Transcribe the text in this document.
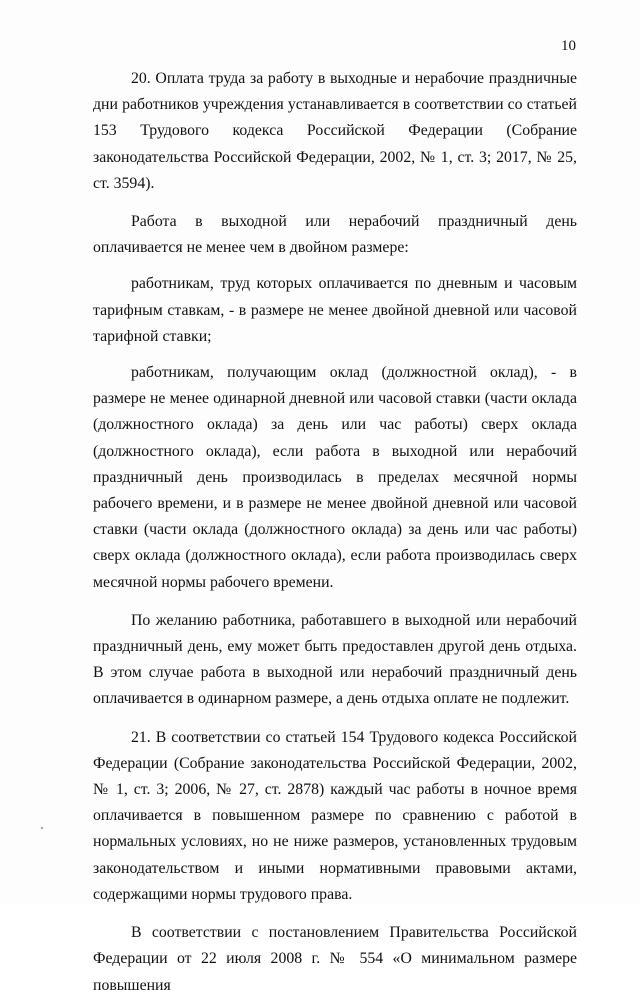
10

20. Оплата труда за работу в выходные и нерабочие праздничные дни работников учреждения устанавливается в соответствии со статьей 153 Трудового кодекса Российской Федерации (Собрание законодательства Российской Федерации, 2002, № 1, ст. 3; 2017, № 25, ст. 3594).

Работа в выходной или нерабочий праздничный день оплачивается не менее чем в двойном размере:

работникам, труд которых оплачивается по дневным и часовым тарифным ставкам, - в размере не менее двойной дневной или часовой тарифной ставки;

работникам, получающим оклад (должностной оклад), - в размере не менее одинарной дневной или часовой ставки (части оклада (должностного оклада) за день или час работы) сверх оклада (должностного оклада), если работа в выходной или нерабочий праздничный день производилась в пределах месячной нормы рабочего времени, и в размере не менее двойной дневной или часовой ставки (части оклада (должностного оклада) за день или час работы) сверх оклада (должностного оклада), если работа производилась сверх месячной нормы рабочего времени.

По желанию работника, работавшего в выходной или нерабочий праздничный день, ему может быть предоставлен другой день отдыха. В этом случае работа в выходной или нерабочий праздничный день оплачивается в одинарном размере, а день отдыха оплате не подлежит.

21. В соответствии со статьей 154 Трудового кодекса Российской Федерации (Собрание законодательства Российской Федерации, 2002, № 1, ст. 3; 2006, № 27, ст. 2878) каждый час работы в ночное время оплачивается в повышенном размере по сравнению с работой в нормальных условиях, но не ниже размеров, установленных трудовым законодательством и иными нормативными правовыми актами, содержащими нормы трудового права.

В соответствии с постановлением Правительства Российской Федерации от 22 июля 2008 г. № 554 «О минимальном размере повышения
